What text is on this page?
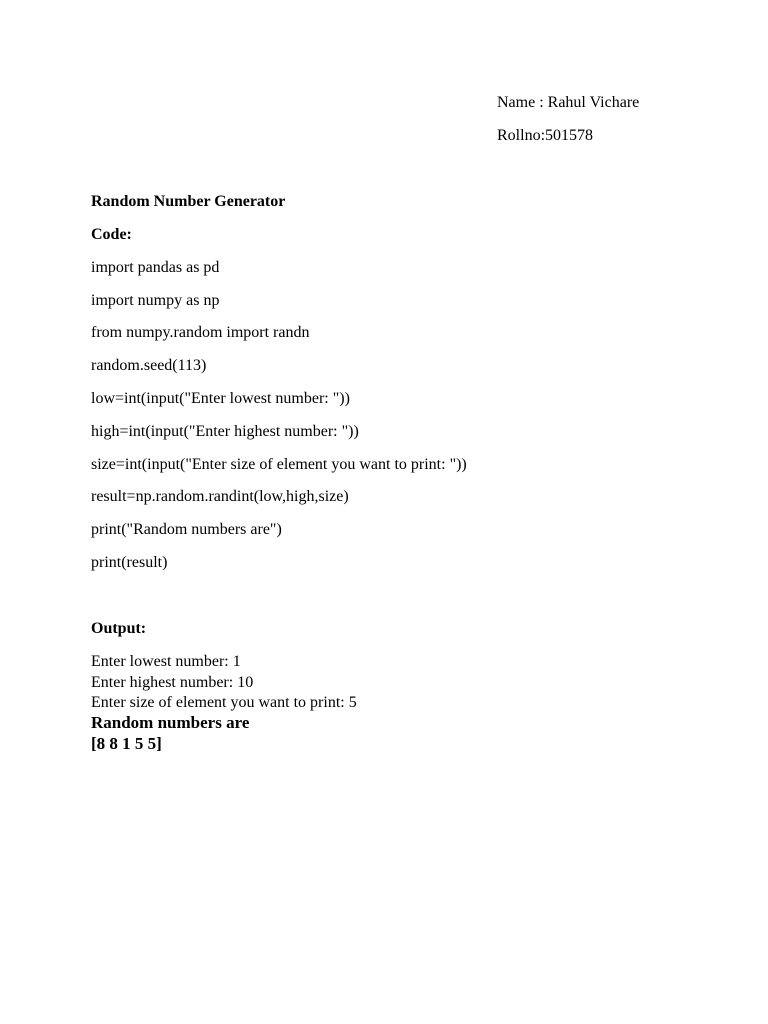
Name : Rahul Vichare
Rollno:501578
Random Number Generator
Code:
import pandas as pd
import numpy as np
from numpy.random import randn
random.seed(113)
low=int(input("Enter lowest number: "))
high=int(input("Enter highest number: "))
size=int(input("Enter size of element you want to print: "))
result=np.random.randint(low,high,size)
print("Random numbers are")
print(result)
Output:
Enter lowest number: 1
Enter highest number: 10
Enter size of element you want to print: 5
Random numbers are
[8 8 1 5 5]
